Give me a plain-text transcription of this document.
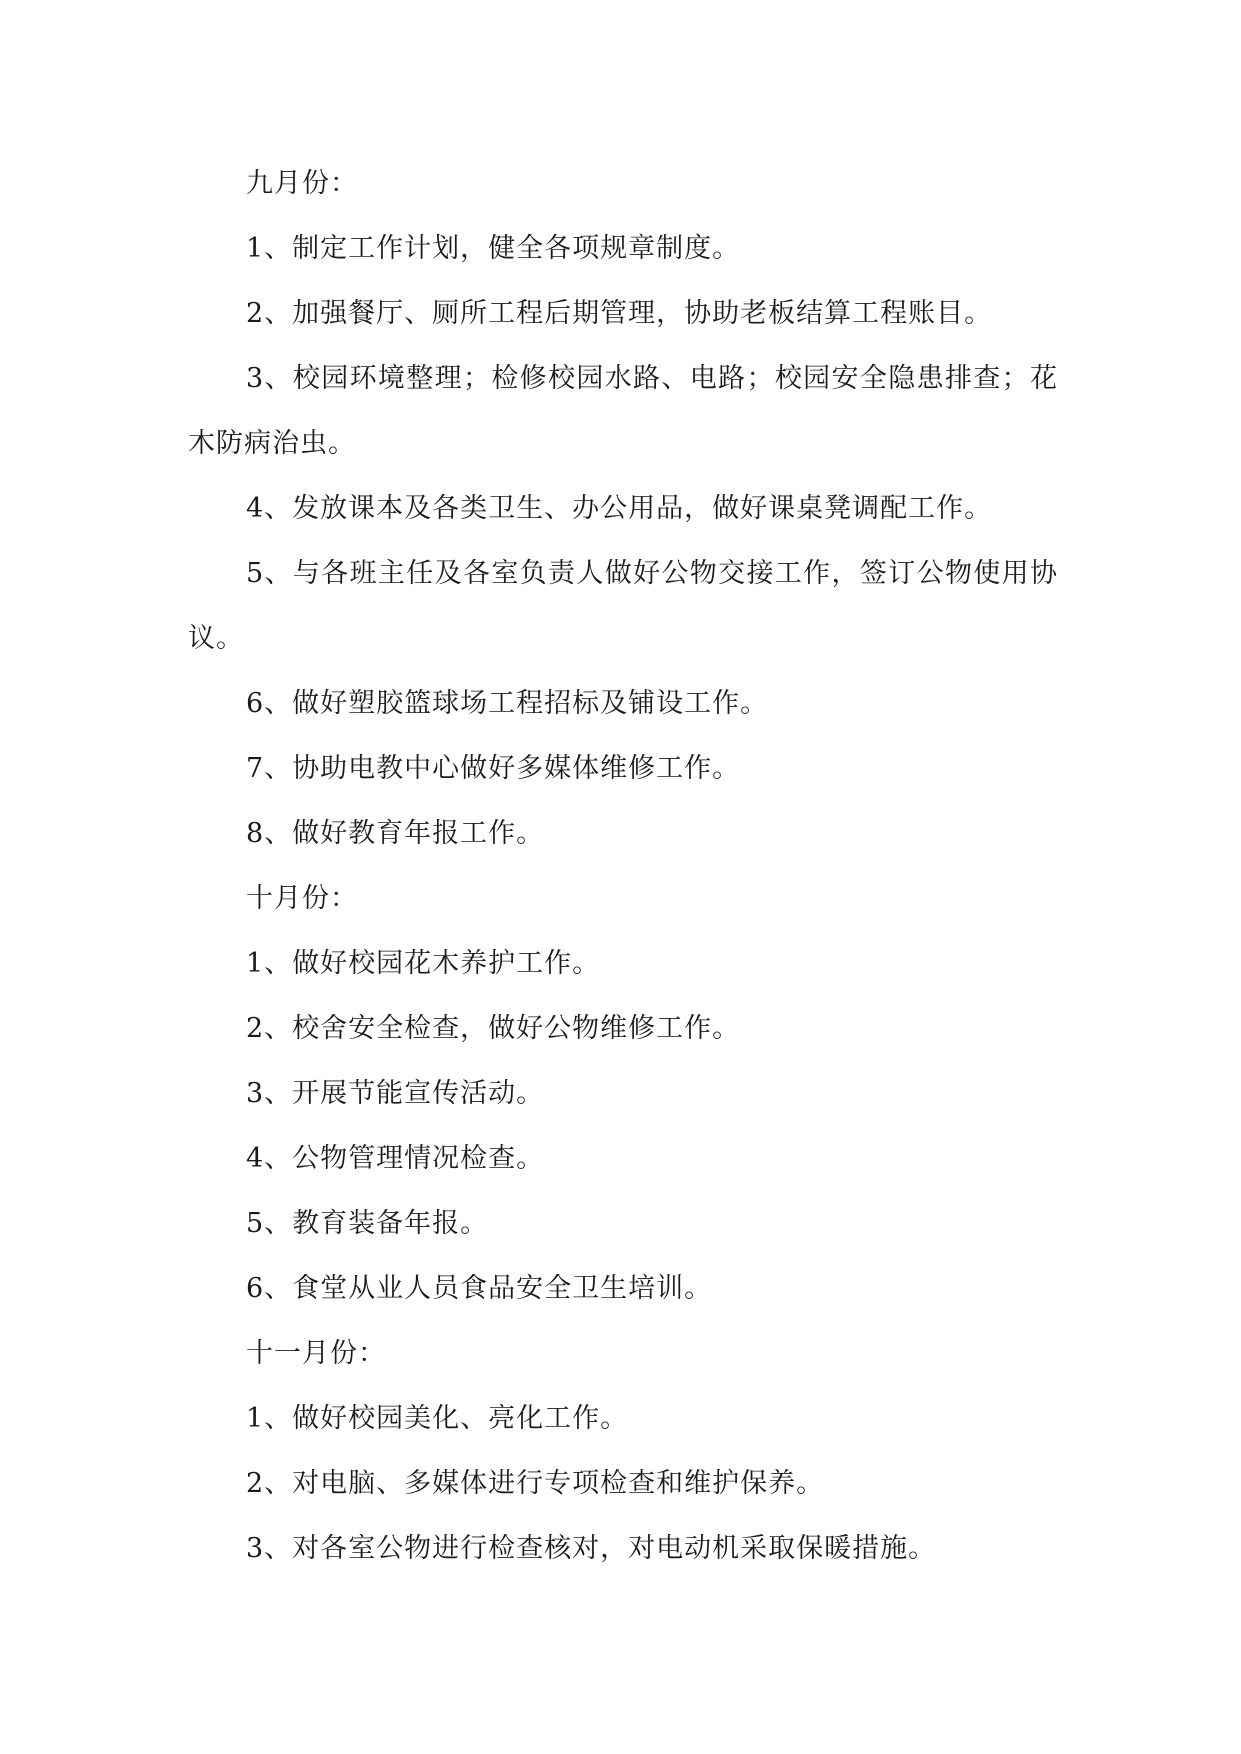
九月份：
1、制定工作计划，健全各项规章制度。
2、加强餐厅、厕所工程后期管理，协助老板结算工程账目。
3、校园环境整理；检修校园水路、电路；校园安全隐患排查；花木防病治虫。
4、发放课本及各类卫生、办公用品，做好课桌凳调配工作。
5、与各班主任及各室负责人做好公物交接工作，签订公物使用协议。
6、做好塑胶篮球场工程招标及铺设工作。
7、协助电教中心做好多媒体维修工作。
8、做好教育年报工作。
十月份：
1、做好校园花木养护工作。
2、校舍安全检查，做好公物维修工作。
3、开展节能宣传活动。
4、公物管理情况检查。
5、教育装备年报。
6、食堂从业人员食品安全卫生培训。
十一月份：
1、做好校园美化、亮化工作。
2、对电脑、多媒体进行专项检查和维护保养。
3、对各室公物进行检查核对，对电动机采取保暖措施。
